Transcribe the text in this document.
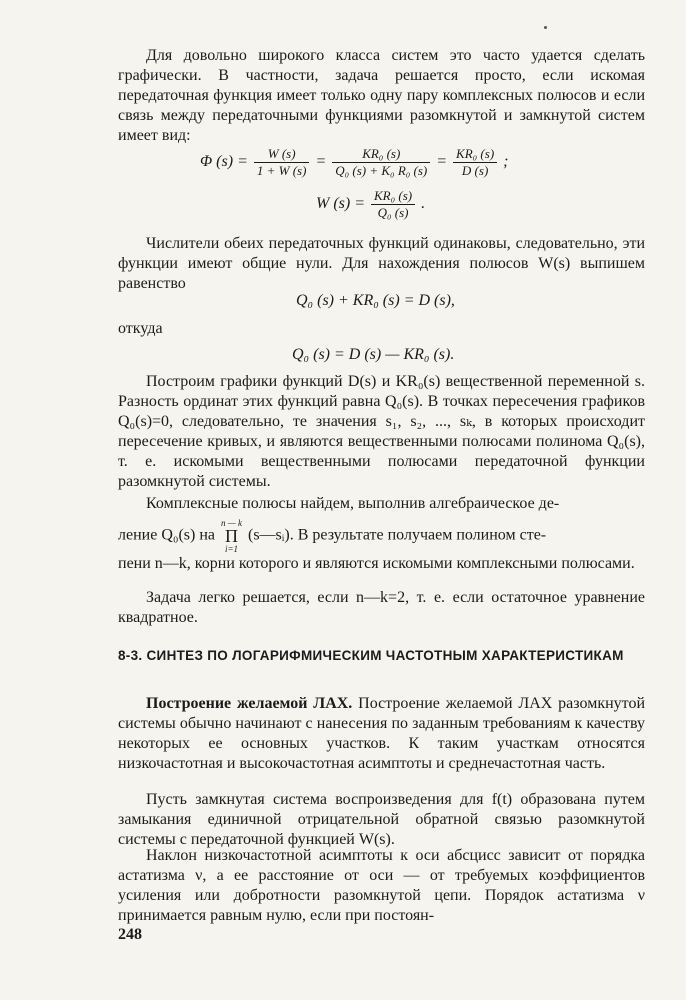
Для довольно широкого класса систем это часто удается сделать графически. В частности, задача решается просто, если искомая передаточная функция имеет только одну пару комплексных полюсов и если связь между передаточными функциями разомкнутой и замкнутой систем имеет вид:

Φ $(s) = \frac{W (s)}{1 + W (s)} = \frac{\text{KR₀ (s)}}{\text{Q₀ (s) + K₀ R₀ (s)}} = \frac{\text{KR₀ (s)}}{D (s)}$ ;
W $(s) = \frac{\text{KR₀ (s)}}{\text{Q₀ (s)}}$ .

Числители обеих передаточных функций одинаковы, следовательно, эти функции имеют общие нули. Для нахождения полюсов W(s) выпишем равенство

Q₀ (s) + KR₀ (s) = D (s),

откуда

Q₀ (s) = D (s) — KR₀ (s).

Построим графики функций D(s) и KR₀(s) вещественной переменной s. Разность ординат этих функций равна Q₀(s). В точках пересечения графиков Q₀(s)=0, следовательно, те значения s₁, s₂, ..., sₖ, в которых происходит пересечение кривых, и являются вещественными полюсами полинома Q₀(s), т. е. искомыми вещественными полюсами передаточной функции разомкнутой системы.

Комплексные полюсы найдем, выполнив алгебраическое де-

ление Q₀(s) на
n — k
Π
i=1
(s—sᵢ). В результате получаем полином сте-

пени n—k, корни которого и являются искомыми комплексными полюсами.

Задача легко решается, если n—k=2, т. е. если остаточное уравнение квадратное.

8-3. СИНТЕЗ ПО ЛОГАРИФМИЧЕСКИМ ЧАСТОТНЫМ ХАРАКТЕРИСТИКАМ

Построение желаемой ЛАХ. Построение желаемой ЛАХ разомкнутой системы обычно начинают с нанесения по заданным требованиям к качеству некоторых ее основных участков. К таким участкам относятся низкочастотная и высокочастотная асимптоты и среднечастотная часть.

Пусть замкнутая система воспроизведения для f(t) образована путем замыкания единичной отрицательной обратной связью разомкнутой системы с передаточной функцией W(s).

Наклон низкочастотной асимптоты к оси абсцисс зависит от порядка астатизма ν, а ее расстояние от оси — от требуемых коэффициентов усиления или добротности разомкнутой цепи. Порядок астатизма ν принимается равным нулю, если при постоян-

248
